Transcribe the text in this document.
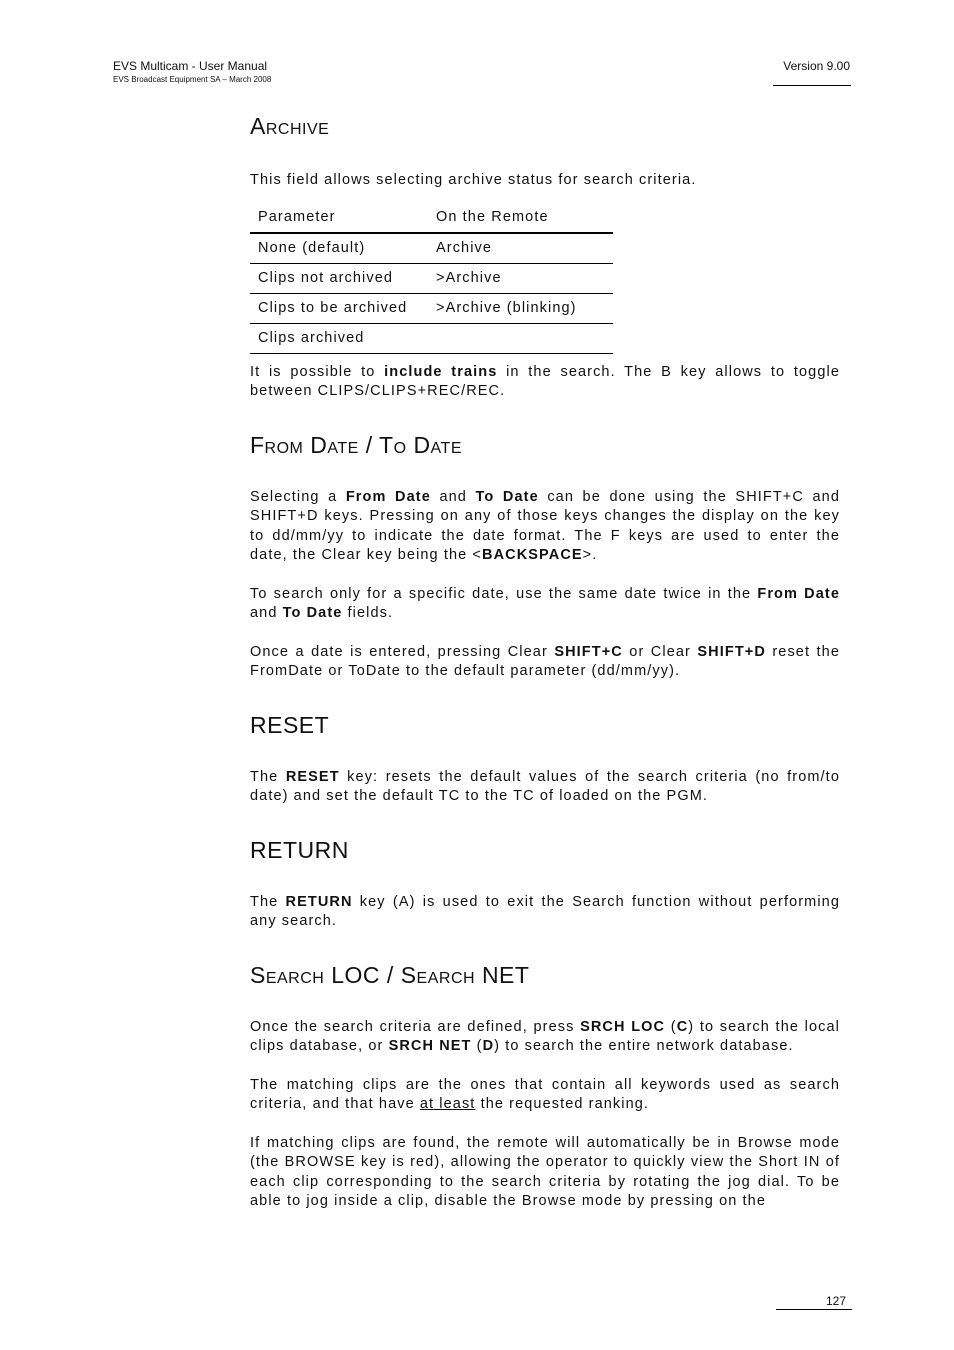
EVS Multicam - User Manual
EVS Broadcast Equipment SA – March 2008
Version 9.00
Archive

This field allows selecting archive status for search criteria.

Parameter	On the Remote
None (default)	Archive
Clips not archived	>Archive
Clips to be archived	>Archive (blinking)
Clips archived	

It is possible to include trains in the search. The B key allows to toggle between CLIPS/CLIPS+REC/REC.

From Date / To Date

Selecting a From Date and To Date can be done using the SHIFT+C and SHIFT+D keys. Pressing on any of those keys changes the display on the key to dd/mm/yy to indicate the date format. The F keys are used to enter the date, the Clear key being the <BACKSPACE>.

To search only for a specific date, use the same date twice in the From Date and To Date fields.

Once a date is entered, pressing Clear SHIFT+C or Clear SHIFT+D reset the FromDate or ToDate to the default parameter (dd/mm/yy).

RESET

The RESET key: resets the default values of the search criteria (no from/to date) and set the default TC to the TC of loaded on the PGM.

RETURN

The RETURN key (A) is used to exit the Search function without performing any search.

Search LOC / Search NET

Once the search criteria are defined, press SRCH LOC (C) to search the local clips database, or SRCH NET (D) to search the entire network database.

The matching clips are the ones that contain all keywords used as search criteria, and that have at least the requested ranking.

If matching clips are found, the remote will automatically be in Browse mode (the BROWSE key is red), allowing the operator to quickly view the Short IN of each clip corresponding to the search criteria by rotating the jog dial. To be able to jog inside a clip, disable the Browse mode by pressing on the

127
